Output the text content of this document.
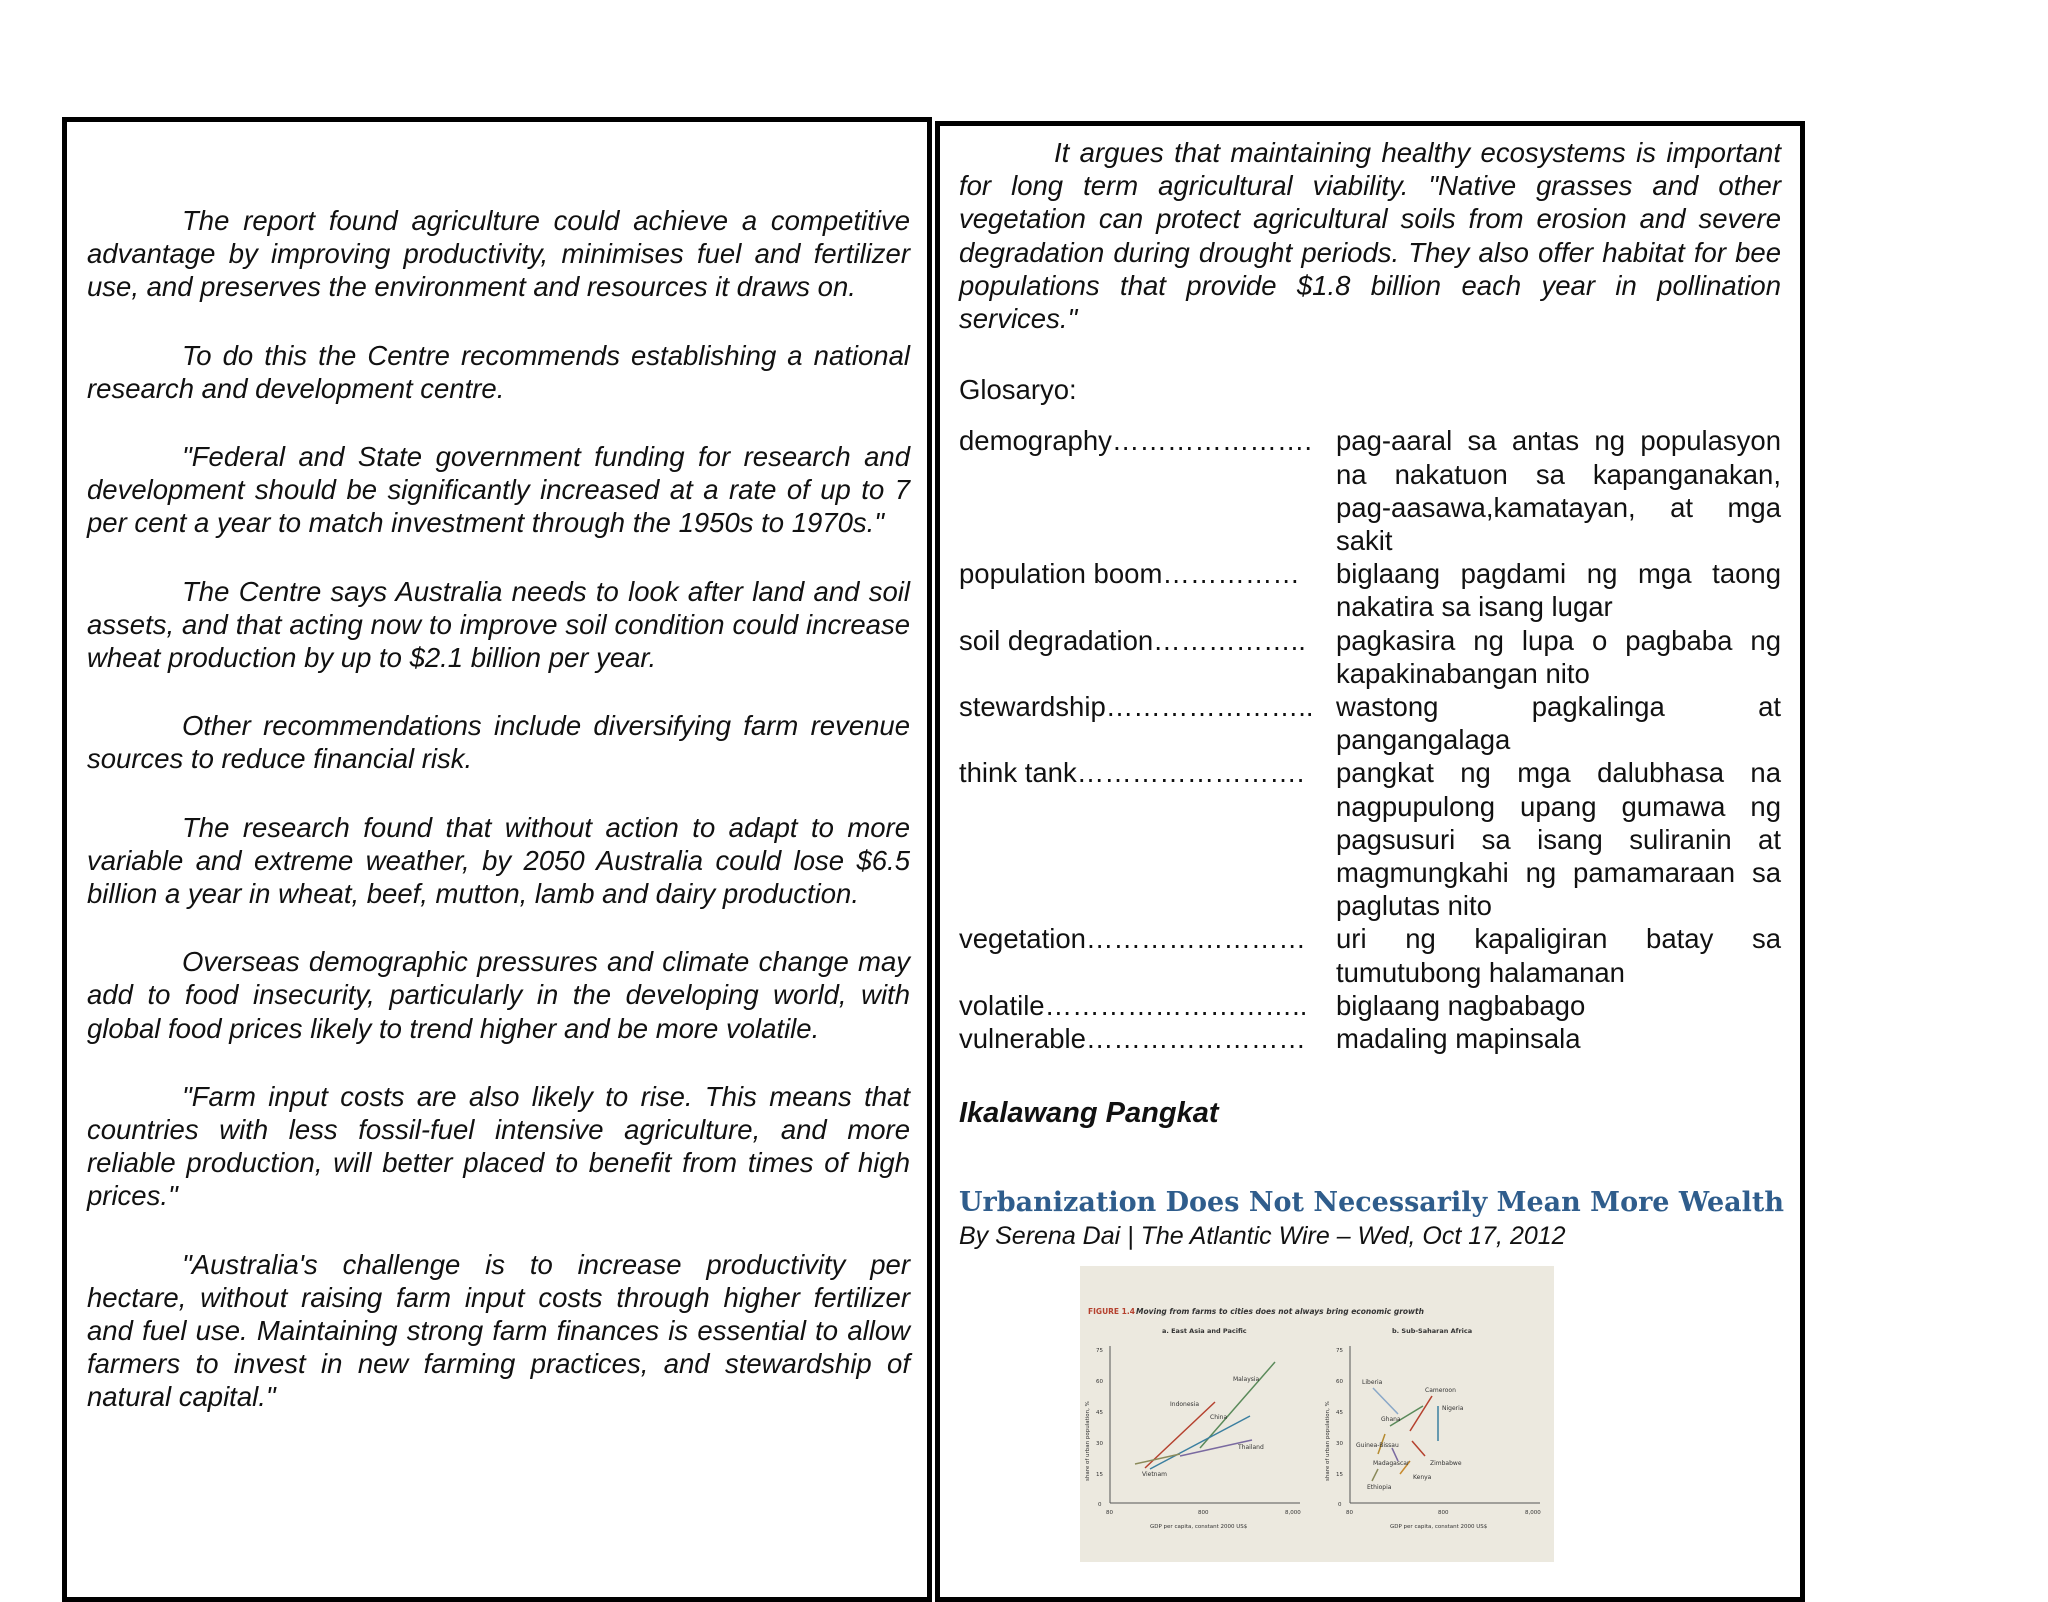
The report found agriculture could achieve a competitive advantage by improving productivity, minimises fuel and fertilizer use, and preserves the environment and resources it draws on.

To do this the Centre recommends establishing a national research and development centre.

"Federal and State government funding for research and development should be significantly increased at a rate of up to 7 per cent a year to match investment through the 1950s to 1970s."

The Centre says Australia needs to look after land and soil assets, and that acting now to improve soil condition could increase wheat production by up to $2.1 billion per year.

Other recommendations include diversifying farm revenue sources to reduce financial risk.

The research found that without action to adapt to more variable and extreme weather, by 2050 Australia could lose $6.5 billion a year in wheat, beef, mutton, lamb and dairy production.

Overseas demographic pressures and climate change may add to food insecurity, particularly in the developing world, with global food prices likely to trend higher and be more volatile.

"Farm input costs are also likely to rise. This means that countries with less fossil-fuel intensive agriculture, and more reliable production, will better placed to benefit from times of high prices."

"Australia's challenge is to increase productivity per hectare, without raising farm input costs through higher fertilizer and fuel use. Maintaining strong farm finances is essential to allow farmers to invest in new farming practices, and stewardship of natural capital."

It argues that maintaining healthy ecosystems is important for long term agricultural viability. "Native grasses and other vegetation can protect agricultural soils from erosion and severe degradation during drought periods. They also offer habitat for bee populations that provide $1.8 billion each year in pollination services."

Glosaryo:
demography…………………. pag-aaral sa antas ng populasyon na nakatuon sa kapanganakan, pag-aasawa,kamatayan, at mga sakit
population boom……………	biglaang pagdami ng mga taong nakatira sa isang lugar
soil degradation……………..	pagkasira ng lupa o pagbaba ng kapakinabangan nito
stewardship………………….. wastong pagkalinga at pangangalaga
think tank…………………….	pangkat ng mga dalubhasa na nagpupulong upang gumawa ng pagsusuri sa isang suliranin at magmungkahi ng pamamaraan sa paglutas nito
vegetation……………………	uri ng kapaligiran batay sa tumutubong halamanan
volatile………………………..	biglaang nagbabago
vulnerable……………………	madaling mapinsala
Ikalawang Pangkat
Urbanization Does Not Necessarily Mean More Wealth
By Serena Dai | The Atlantic Wire – Wed, Oct 17, 2012
FIGURE 1.4 Moving from farms to cities does not always bring economic growth
a. East Asia and Pacific
0
15
30
45
60
75
80	800	8,000
GDP per capita, constant 2000 US$
share of urban population, %
Malaysia
Indonesia
China
Thailand
Vietnam
b. Sub-Saharan Africa
0
15
30
45
60
75
80	800	8,000
GDP per capita, constant 2000 US$
share of urban population, %
Liberia
Cameroon
Nigeria
Ghana
Guinea-Bissau
Madagascar	Zimbabwe
Kenya
Ethiopia
